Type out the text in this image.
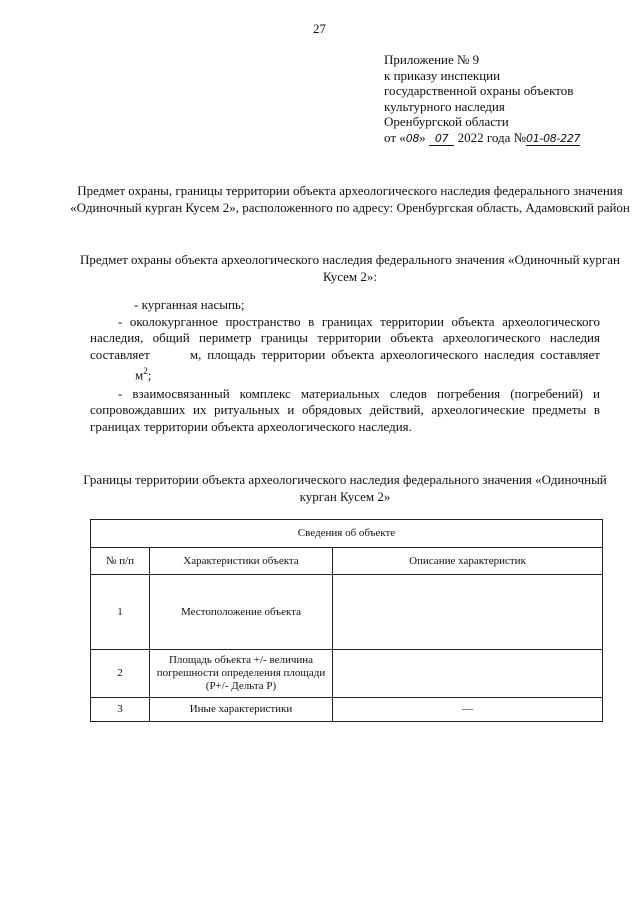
27
Приложение № 9
к приказу инспекции
государственной охраны объектов
культурного наследия
Оренбургской области
от «08» 07 2022 года №01-08-227
Предмет охраны, границы территории объекта археологического наследия федерального значения «Одиночный курган Кусем 2», расположенного по адресу: Оренбургская область, Адамовский район
Предмет охраны объекта археологического наследия федерального значения «Одиночный курган Кусем 2»:

- курганная насыпь;

- околокурганное пространство в границах территории объекта археологического наследия, общий периметр границы территории объекта археологического наследия составляет	м, площадь территории объекта археологического наследия составляетм$^2$;

- взаимосвязанный комплекс материальных следов погребения (погребений) и сопровождавших их ритуальных и обрядовых действий, археологические предметы в границах территории объекта археологического наследия.

Границы территории объекта археологического наследия федерального значения «Одиночный курган Кусем 2»
Сведения об объекте		
№ п/п	Характеристики объекта	Описание характеристик
1	Местоположение объекта	
2	Площадь объекта +/- величина погрешности определения площади (P+/- Дельта P)	
3	Иные характеристики	—
